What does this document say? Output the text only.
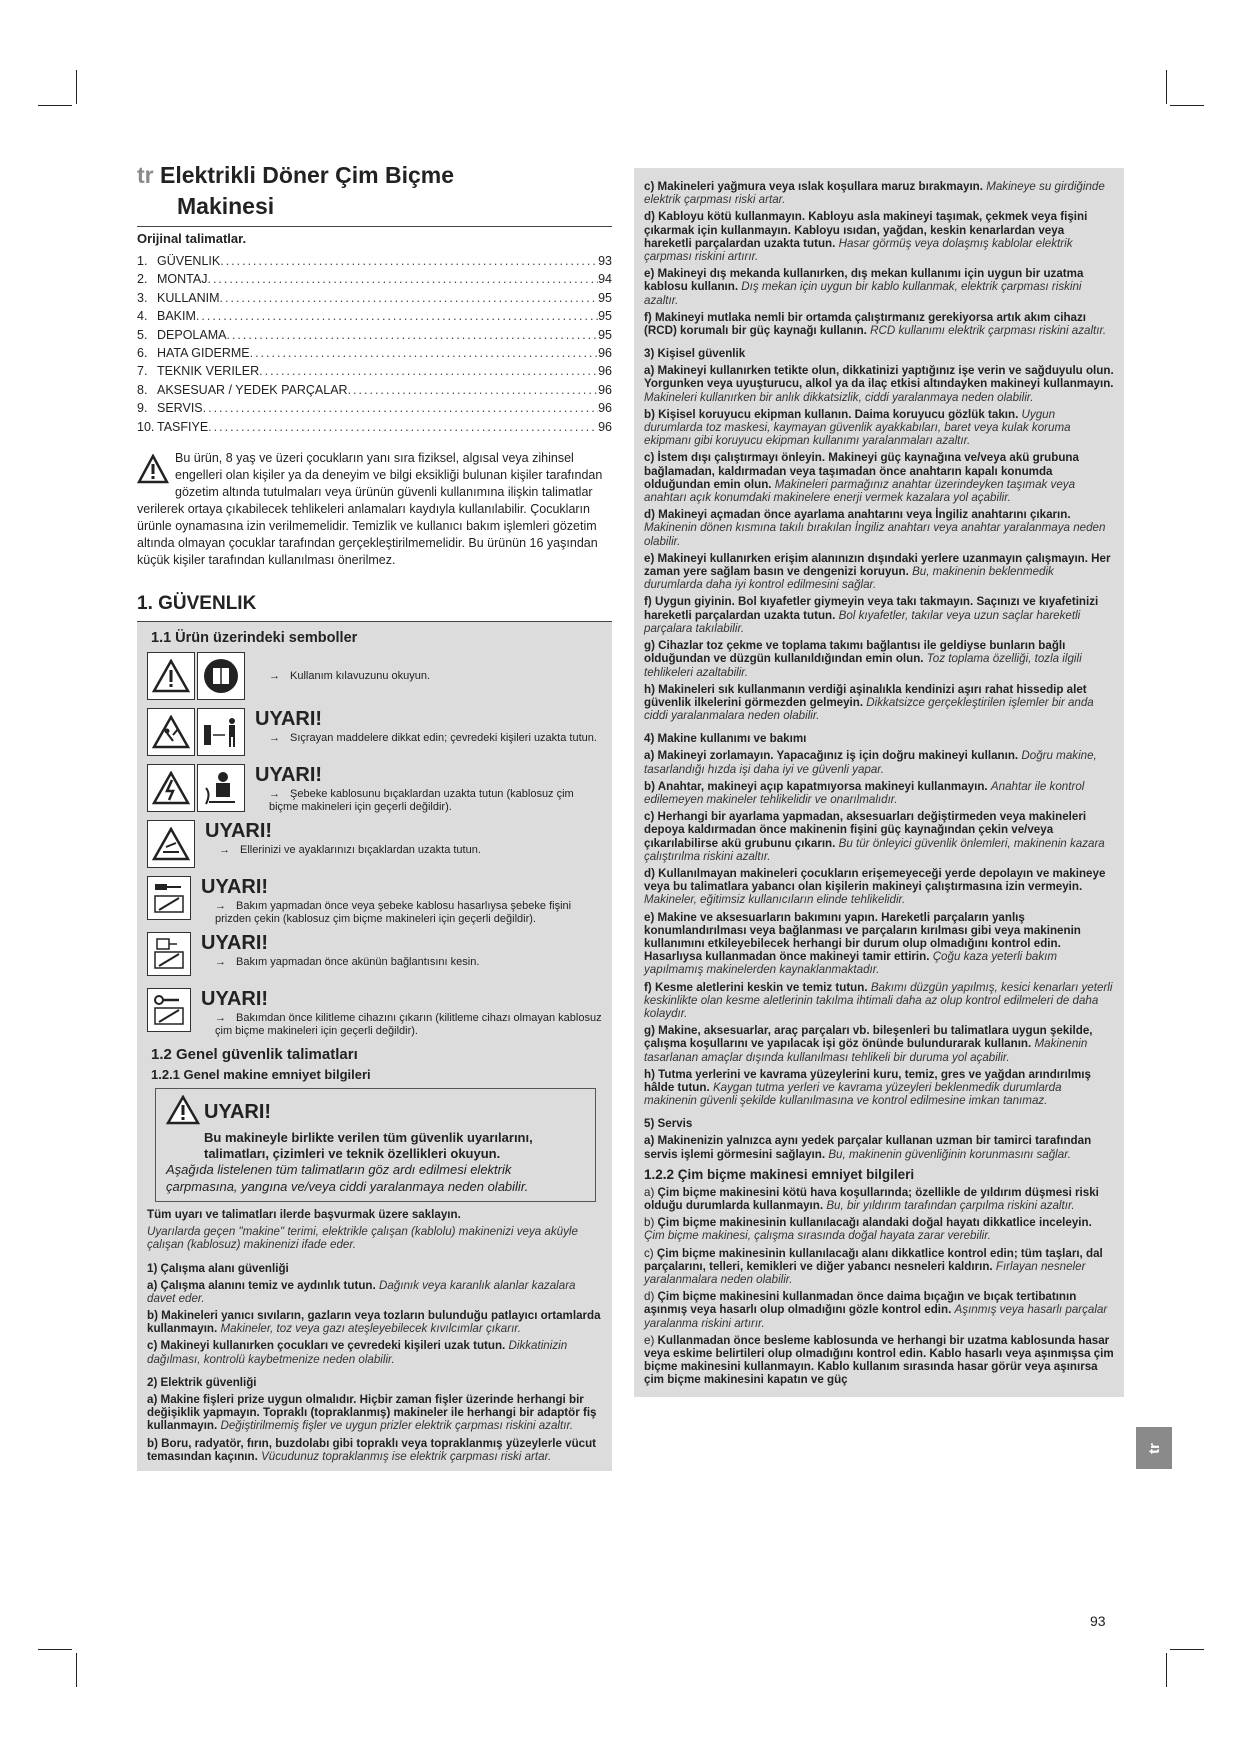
tr Elektrikli Döner Çim Biçme
Makinesi
Orijinal talimatlar.
1. GÜVENLIK .....	93
2. MONTAJ .....	94
3. KULLANIM .....	95
4. BAKIM .....	95
5. DEPOLAMA .....	95
6. HATA GIDERME .....	96
7. TEKNIK VERILER .....	96
8. AKSESUAR / YEDEK PARÇALAR .....	96
9. SERVIS .....	96
10. TASFIYE .....	96
Bu ürün, 8 yaş ve üzeri çocukların yanı sıra fiziksel, algısal veya zihinsel engelleri olan kişiler ya da deneyim ve bilgi eksikliği bulunan kişiler tarafından gözetim altında tutulmaları veya ürünün güvenli kullanımına ilişkin talimatlar verilerek ortaya çıkabilecek tehlikeleri anlamaları kaydıyla kullanılabilir. Çocukların ürünle oynamasına izin verilmemelidir. Temizlik ve kullanıcı bakım işlemleri gözetim altında olmayan çocuklar tarafından gerçekleştirilmemelidir. Bu ürünün 16 yaşından küçük kişiler tarafından kullanılması önerilmez.
1. GÜVENLIK
1.1 Ürün üzerindeki semboller
→ Kullanım kılavuzunu okuyun.
UYARI!
→ Sıçrayan maddelere dikkat edin; çevredeki kişileri uzakta tutun.
UYARI!
→ Şebeke kablosunu bıçaklardan uzakta tutun (kablosuz çim biçme makineleri için geçerli değildir).
UYARI!
→ Ellerinizi ve ayaklarınızı bıçaklardan uzakta tutun.
UYARI!
→ Bakım yapmadan önce veya şebeke kablosu hasarlıysa şebeke fişini prizden çekin (kablosuz çim biçme makineleri için geçerli değildir).
UYARI!
→ Bakım yapmadan önce akünün bağlantısını kesin.
UYARI!
→ Bakımdan önce kilitleme cihazını çıkarın (kilitleme cihazı olmayan kablosuz çim biçme makineleri için geçerli değildir).
1.2 Genel güvenlik talimatları
1.2.1 Genel makine emniyet bilgileri
UYARI!
Bu makineyle birlikte verilen tüm güvenlik uyarılarını, talimatları, çizimleri ve teknik özellikleri okuyun.
Aşağıda listelenen tüm talimatların göz ardı edilmesi elektrik çarpmasına, yangına ve/veya ciddi yaralanmaya neden olabilir.
Tüm uyarı ve talimatları ilerde başvurmak üzere saklayın.
Uyarılarda geçen "makine" terimi, elektrikle çalışan (kablolu) makinenizi veya aküyle çalışan (kablosuz) makinenizi ifade eder.
1) Çalışma alanı güvenliği
a) Çalışma alanını temiz ve aydınlık tutun. Dağınık veya karanlık alanlar kazalara davet eder.
b) Makineleri yanıcı sıvıların, gazların veya tozların bulunduğu patlayıcı ortamlarda kullanmayın. Makineler, toz veya gazı ateşleyebilecek kıvılcımlar çıkarır.
c) Makineyi kullanırken çocukları ve çevredeki kişileri uzak tutun. Dikkatinizin dağılması, kontrolü kaybetmenize neden olabilir.
2) Elektrik güvenliği
a) Makine fişleri prize uygun olmalıdır. Hiçbir zaman fişler üzerinde herhangi bir değişiklik yapmayın. Topraklı (topraklanmış) makineler ile herhangi bir adaptör fiş kullanmayın. Değiştirilmemiş fişler ve uygun prizler elektrik çarpması riskini azaltır.
b) Boru, radyatör, fırın, buzdolabı gibi topraklı veya topraklanmış yüzeylerle vücut temasından kaçının. Vücudunuz topraklanmış ise elektrik çarpması riski artar.
c) Makineleri yağmura veya ıslak koşullara maruz bırakmayın. Makineye su girdiğinde elektrik çarpması riski artar.
d) Kabloyu kötü kullanmayın. Kabloyu asla makineyi taşımak, çekmek veya fişini çıkarmak için kullanmayın. Kabloyu ısıdan, yağdan, keskin kenarlardan veya hareketli parçalardan uzakta tutun. Hasar görmüş veya dolaşmış kablolar elektrik çarpması riskini artırır.
e) Makineyi dış mekanda kullanırken, dış mekan kullanımı için uygun bir uzatma kablosu kullanın. Dış mekan için uygun bir kablo kullanmak, elektrik çarpması riskini azaltır.
f) Makineyi mutlaka nemli bir ortamda çalıştırmanız gerekiyorsa artık akım cihazı (RCD) korumalı bir güç kaynağı kullanın. RCD kullanımı elektrik çarpması riskini azaltır.
3) Kişisel güvenlik
a) Makineyi kullanırken tetikte olun, dikkatinizi yaptığınız işe verin ve sağduyulu olun. Yorgunken veya uyuşturucu, alkol ya da ilaç etkisi altındayken makineyi kullanmayın. Makineleri kullanırken bir anlık dikkatsizlik, ciddi yaralanmaya neden olabilir.
b) Kişisel koruyucu ekipman kullanın. Daima koruyucu gözlük takın. Uygun durumlarda toz maskesi, kaymayan güvenlik ayakkabıları, baret veya kulak koruma ekipmanı gibi koruyucu ekipman kullanımı yaralanmaları azaltır.
c) İstem dışı çalıştırmayı önleyin. Makineyi güç kaynağına ve/veya akü grubuna bağlamadan, kaldırmadan veya taşımadan önce anahtarın kapalı konumda olduğundan emin olun. Makineleri parmağınız anahtar üzerindeyken taşımak veya anahtarı açık konumdaki makinelere enerji vermek kazalara yol açabilir.
d) Makineyi açmadan önce ayarlama anahtarını veya İngiliz anahtarını çıkarın. Makinenin dönen kısmına takılı bırakılan İngiliz anahtarı veya anahtar yaralanmaya neden olabilir.
e) Makineyi kullanırken erişim alanınızın dışındaki yerlere uzanmayın çalışmayın. Her zaman yere sağlam basın ve dengenizi koruyun. Bu, makinenin beklenmedik durumlarda daha iyi kontrol edilmesini sağlar.
f) Uygun giyinin. Bol kıyafetler giymeyin veya takı takmayın. Saçınızı ve kıyafetinizi hareketli parçalardan uzakta tutun. Bol kıyafetler, takılar veya uzun saçlar hareketli parçalara takılabilir.
g) Cihazlar toz çekme ve toplama takımı bağlantısı ile geldiyse bunların bağlı olduğundan ve düzgün kullanıldığından emin olun. Toz toplama özelliği, tozla ilgili tehlikeleri azaltabilir.
h) Makineleri sık kullanmanın verdiği aşinalıkla kendinizi aşırı rahat hissedip alet güvenlik ilkelerini görmezden gelmeyin. Dikkatsizce gerçekleştirilen işlemler bir anda ciddi yaralanmalara neden olabilir.
4) Makine kullanımı ve bakımı
a) Makineyi zorlamayın. Yapacağınız iş için doğru makineyi kullanın. Doğru makine, tasarlandığı hızda işi daha iyi ve güvenli yapar.
b) Anahtar, makineyi açıp kapatmıyorsa makineyi kullanmayın. Anahtar ile kontrol edilemeyen makineler tehlikelidir ve onarılmalıdır.
c) Herhangi bir ayarlama yapmadan, aksesuarları değiştirmeden veya makineleri depoya kaldırmadan önce makinenin fişini güç kaynağından çekin ve/veya çıkarılabilirse akü grubunu çıkarın. Bu tür önleyici güvenlik önlemleri, makinenin kazara çalıştırılma riskini azaltır.
d) Kullanılmayan makineleri çocukların erişemeyeceği yerde depolayın ve makineye veya bu talimatlara yabancı olan kişilerin makineyi çalıştırmasına izin vermeyin. Makineler, eğitimsiz kullanıcıların elinde tehlikelidir.
e) Makine ve aksesuarların bakımını yapın. Hareketli parçaların yanlış konumlandırılması veya bağlanması ve parçaların kırılması gibi veya makinenin kullanımını etkileyebilecek herhangi bir durum olup olmadığını kontrol edin. Hasarlıysa kullanmadan önce makineyi tamir ettirin. Çoğu kaza yeterli bakım yapılmamış makinelerden kaynaklanmaktadır.
f) Kesme aletlerini keskin ve temiz tutun. Bakımı düzgün yapılmış, kesici kenarları yeterli keskinlikte olan kesme aletlerinin takılma ihtimali daha az olup kontrol edilmeleri de daha kolaydır.
g) Makine, aksesuarlar, araç parçaları vb. bileşenleri bu talimatlara uygun şekilde, çalışma koşullarını ve yapılacak işi göz önünde bulundurarak kullanın. Makinenin tasarlanan amaçlar dışında kullanılması tehlikeli bir duruma yol açabilir.
h) Tutma yerlerini ve kavrama yüzeylerini kuru, temiz, gres ve yağdan arındırılmış hâlde tutun. Kaygan tutma yerleri ve kavrama yüzeyleri beklenmedik durumlarda makinenin güvenli şekilde kullanılmasına ve kontrol edilmesine imkan tanımaz.
5) Servis
a) Makinenizin yalnızca aynı yedek parçalar kullanan uzman bir tamirci tarafından servis işlemi görmesini sağlayın. Bu, makinenin güvenliğinin korunmasını sağlar.
1.2.2 Çim biçme makinesi emniyet bilgileri
a) Çim biçme makinesini kötü hava koşullarında; özellikle de yıldırım düşmesi riski olduğu durumlarda kullanmayın. Bu, bir yıldırım tarafından çarpılma riskini azaltır.
b) Çim biçme makinesinin kullanılacağı alandaki doğal hayatı dikkatlice inceleyin. Çim biçme makinesi, çalışma sırasında doğal hayata zarar verebilir.
c) Çim biçme makinesinin kullanılacağı alanı dikkatlice kontrol edin; tüm taşları, dal parçalarını, telleri, kemikleri ve diğer yabancı nesneleri kaldırın. Fırlayan nesneler yaralanmalara neden olabilir.
d) Çim biçme makinesini kullanmadan önce daima bıçağın ve bıçak tertibatının aşınmış veya hasarlı olup olmadığını gözle kontrol edin. Aşınmış veya hasarlı parçalar yaralanma riskini artırır.
e) Kullanmadan önce besleme kablosunda ve herhangi bir uzatma kablosunda hasar veya eskime belirtileri olup olmadığını kontrol edin. Kablo hasarlı veya aşınmışsa çim biçme makinesini kullanmayın. Kablo kullanım sırasında hasar görür veya aşınırsa çim biçme makinesini kapatın ve güç
tr
93
